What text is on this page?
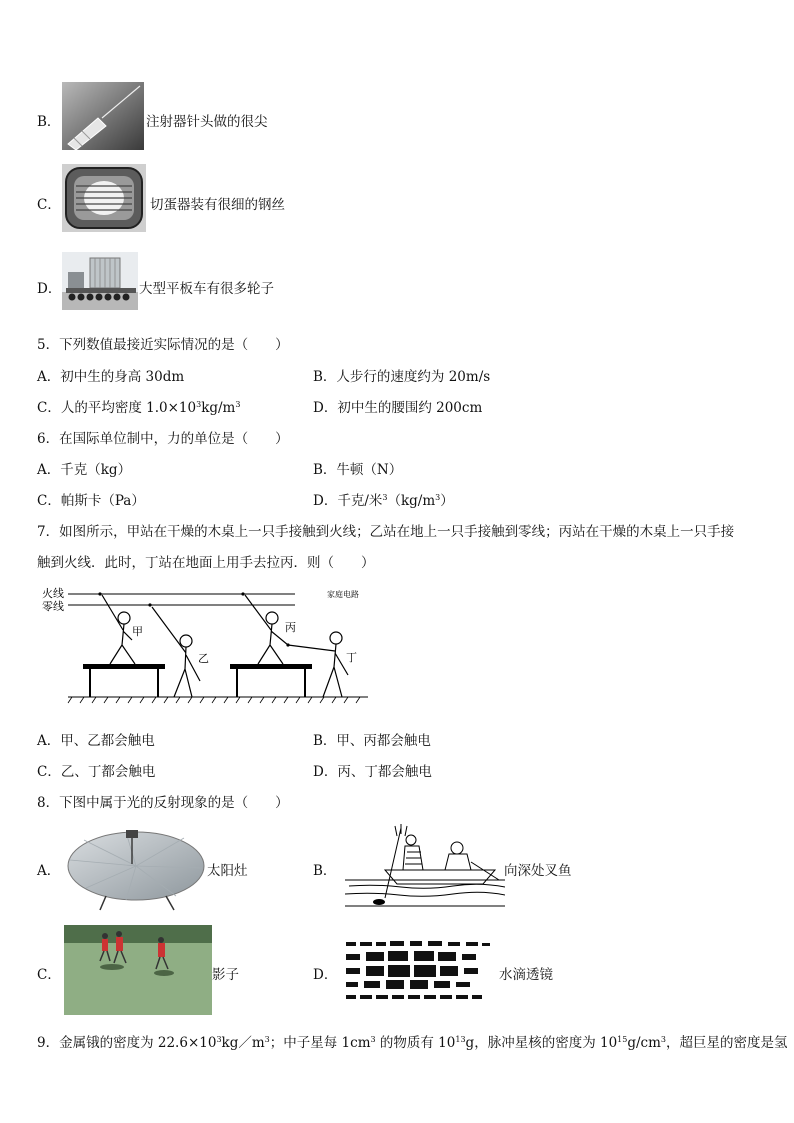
B．	注射器针头做的很尖
C．	切蛋器装有很细的钢丝
D．	大型平板车有很多轮子
5．下列数值最接近实际情况的是（　　）
A．初中生的身高 30dm	B．人步行的速度约为 20m/s
C．人的平均密度 $1.0\times 10^3kg/m^3$	D．初中生的腰围约 200cm
6．在国际单位制中，力的单位是（　　）
A．千克（kg）	B．牛顿（N）
C．帕斯卡（Pa）	D．千克/米$^3(kg/m^3)$
7．如图所示，甲站在干燥的木桌上一只手接触到火线；乙站在地上一只手接触到零线；丙站在干燥的木桌上一只手接
触到火线．此时，丁站在地面上用手去拉丙．则（　　）
火线
零线
家庭电路
甲
乙
丙
丁
A．甲、乙都会触电	B．甲、丙都会触电
C．乙、丁都会触电	D．丙、丁都会触电
8．下图中属于光的反射现象的是（　　）
A．	太阳灶	B．	向深处叉鱼
C．	影子	D．	水滴透镜
9．金属锇的密度为 $22.6\times 10^3kg/m^3$；中子星每 $1cm^3$ 的物质有 $10^{13}g$，脉冲星核的密度为 $10^{15}g/cm^3$，超巨星的密度是氢
